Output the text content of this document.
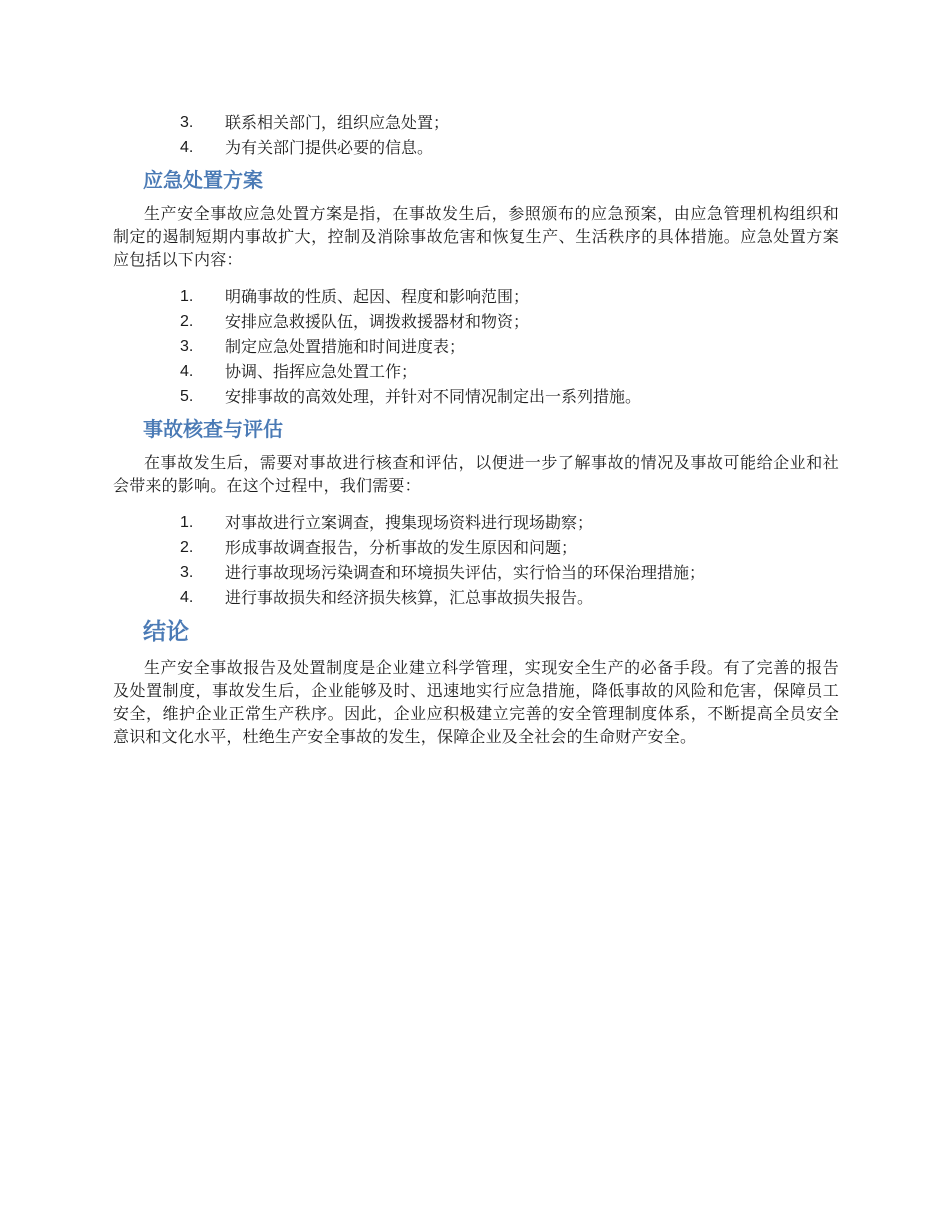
3. 联系相关部门，组织应急处置；
4. 为有关部门提供必要的信息。
应急处置方案

生产安全事故应急处置方案是指，在事故发生后，参照颁布的应急预案，由应急管理机构组织和制定的遏制短期内事故扩大，控制及消除事故危害和恢复生产、生活秩序的具体措施。应急处置方案应包括以下内容：

1. 明确事故的性质、起因、程度和影响范围；
2. 安排应急救援队伍，调拨救援器材和物资；
3. 制定应急处置措施和时间进度表；
4. 协调、指挥应急处置工作；
5. 安排事故的高效处理，并针对不同情况制定出一系列措施。
事故核查与评估

在事故发生后，需要对事故进行核查和评估，以便进一步了解事故的情况及事故可能给企业和社会带来的影响。在这个过程中，我们需要：

1. 对事故进行立案调查，搜集现场资料进行现场勘察；
2. 形成事故调查报告，分析事故的发生原因和问题；
3. 进行事故现场污染调查和环境损失评估，实行恰当的环保治理措施；
4. 进行事故损失和经济损失核算，汇总事故损失报告。
结论

生产安全事故报告及处置制度是企业建立科学管理，实现安全生产的必备手段。有了完善的报告及处置制度，事故发生后，企业能够及时、迅速地实行应急措施，降低事故的风险和危害，保障员工安全，维护企业正常生产秩序。因此，企业应积极建立完善的安全管理制度体系，不断提高全员安全意识和文化水平，杜绝生产安全事故的发生，保障企业及全社会的生命财产安全。
